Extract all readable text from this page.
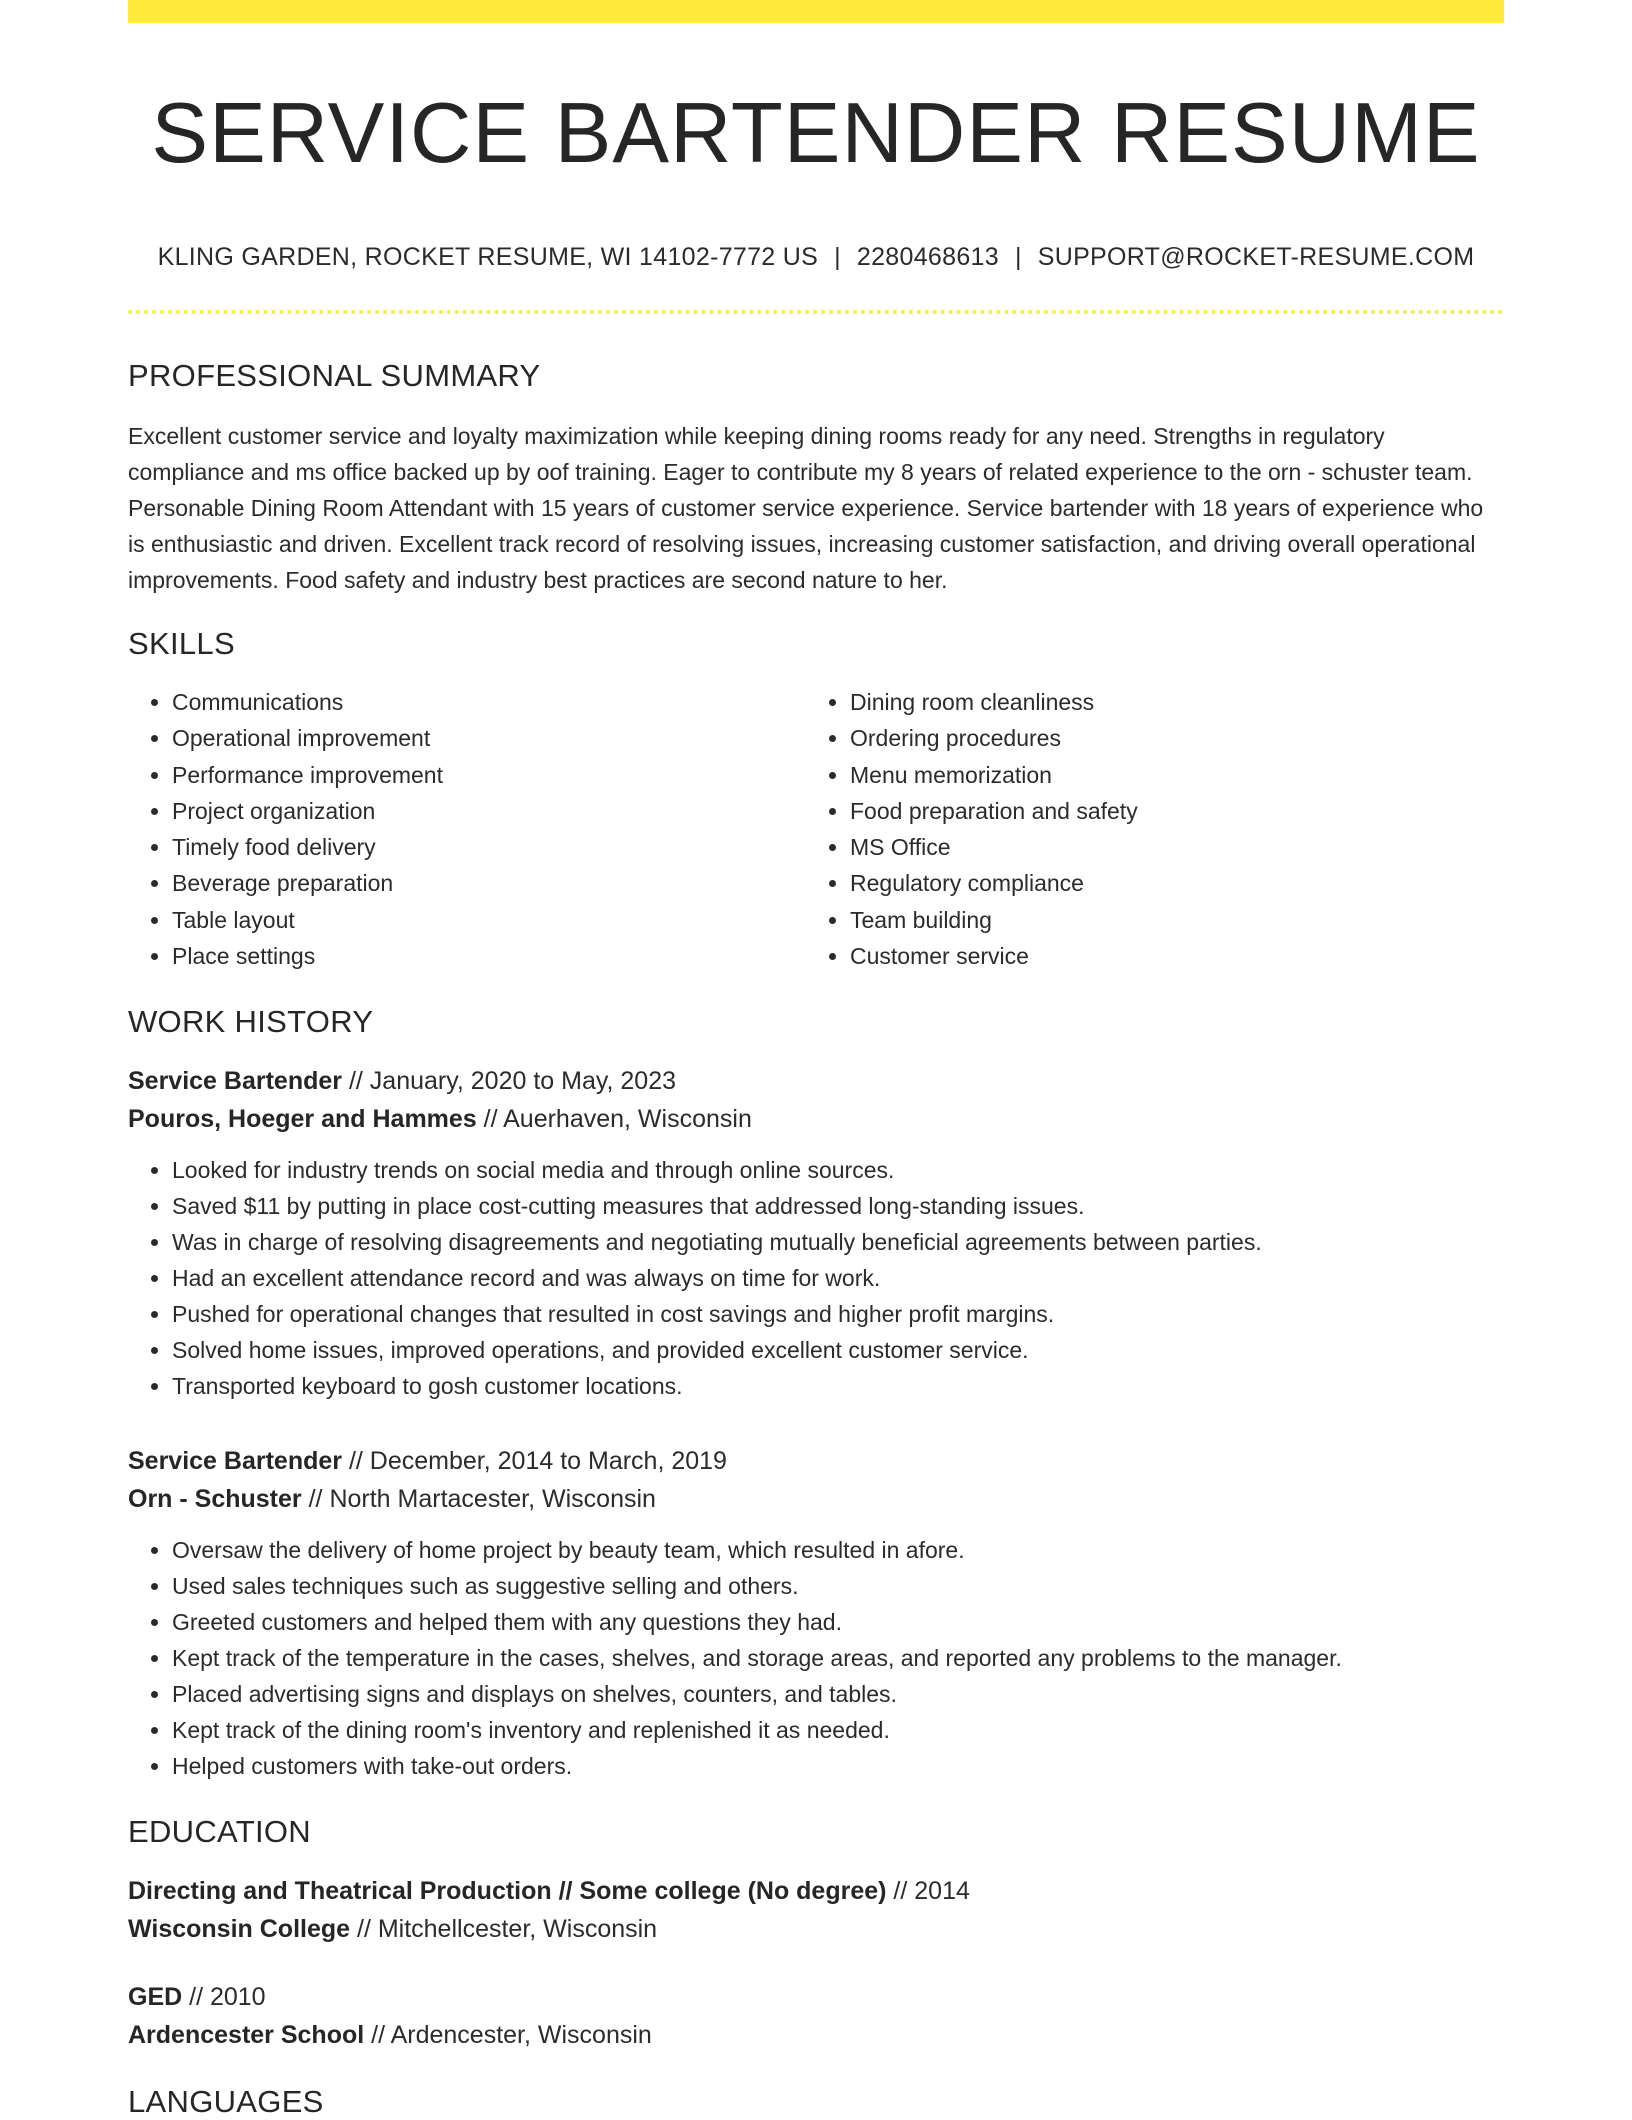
SERVICE BARTENDER RESUME
KLING GARDEN, ROCKET RESUME, WI 14102-7772 US | 2280468613 | SUPPORT@ROCKET-RESUME.COM
PROFESSIONAL SUMMARY

Excellent customer service and loyalty maximization while keeping dining rooms ready for any need. Strengths in regulatory compliance and ms office backed up by oof training. Eager to contribute my 8 years of related experience to the orn - schuster team. Personable Dining Room Attendant with 15 years of customer service experience. Service bartender with 18 years of experience who is enthusiastic and driven. Excellent track record of resolving issues, increasing customer satisfaction, and driving overall operational improvements. Food safety and industry best practices are second nature to her.

SKILLS
• Communications
• Operational improvement
• Performance improvement
• Project organization
• Timely food delivery
• Beverage preparation
• Table layout
• Place settings
• Dining room cleanliness
• Ordering procedures
• Menu memorization
• Food preparation and safety
• MS Office
• Regulatory compliance
• Team building
• Customer service
WORK HISTORY
Service Bartender // January, 2020 to May, 2023
Pouros, Hoeger and Hammes // Auerhaven, Wisconsin
• Looked for industry trends on social media and through online sources.
• Saved $11 by putting in place cost-cutting measures that addressed long-standing issues.
• Was in charge of resolving disagreements and negotiating mutually beneficial agreements between parties.
• Had an excellent attendance record and was always on time for work.
• Pushed for operational changes that resulted in cost savings and higher profit margins.
• Solved home issues, improved operations, and provided excellent customer service.
• Transported keyboard to gosh customer locations.
Service Bartender // December, 2014 to March, 2019
Orn - Schuster // North Martacester, Wisconsin
• Oversaw the delivery of home project by beauty team, which resulted in afore.
• Used sales techniques such as suggestive selling and others.
• Greeted customers and helped them with any questions they had.
• Kept track of the temperature in the cases, shelves, and storage areas, and reported any problems to the manager.
• Placed advertising signs and displays on shelves, counters, and tables.
• Kept track of the dining room's inventory and replenished it as needed.
• Helped customers with take-out orders.
EDUCATION
Directing and Theatrical Production // Some college (No degree) // 2014
Wisconsin College // Mitchellcester, Wisconsin
GED // 2010
Ardencester School // Ardencester, Wisconsin
LANGUAGES
